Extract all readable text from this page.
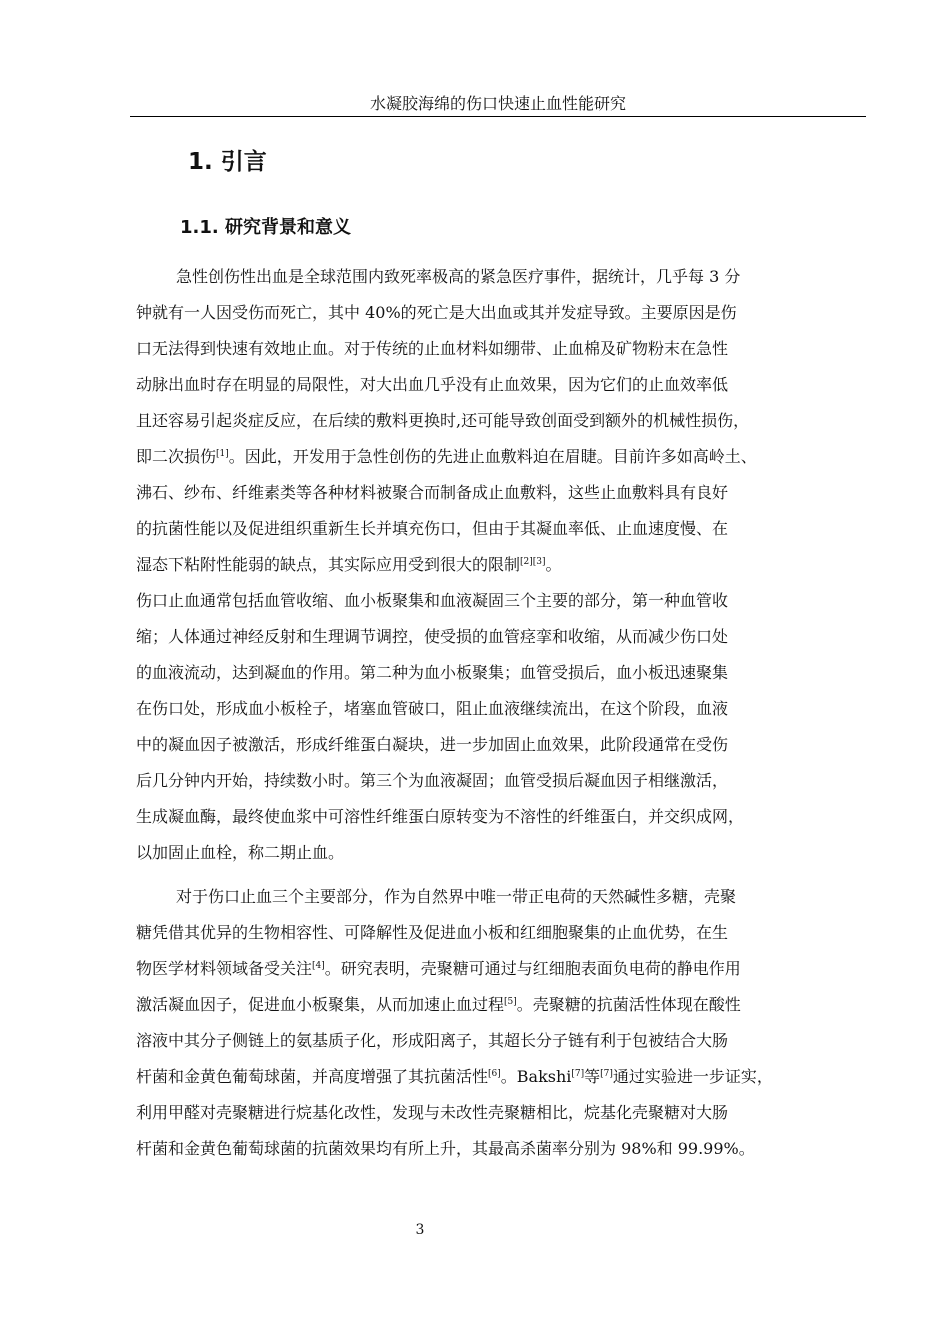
水凝胶海绵的伤口快速止血性能研究
1. 引言
1.1. 研究背景和意义
急性创伤性出血是全球范围内致死率极高的紧急医疗事件，据统计，几乎每 3 分
钟就有一人因受伤而死亡，其中 40%的死亡是大出血或其并发症导致。主要原因是伤
口无法得到快速有效地止血。对于传统的止血材料如绷带、止血棉及矿物粉末在急性
动脉出血时存在明显的局限性，对大出血几乎没有止血效果，因为它们的止血效率低
且还容易引起炎症反应，在后续的敷料更换时,还可能导致创面受到额外的机械性损伤，
即二次损伤[1]。因此，开发用于急性创伤的先进止血敷料迫在眉睫。目前许多如高岭土、
沸石、纱布、纤维素类等各种材料被聚合而制备成止血敷料，这些止血敷料具有良好
的抗菌性能以及促进组织重新生长并填充伤口，但由于其凝血率低、止血速度慢、在
湿态下粘附性能弱的缺点，其实际应用受到很大的限制[2][3]。
伤口止血通常包括血管收缩、血小板聚集和血液凝固三个主要的部分，第一种血管收
缩；人体通过神经反射和生理调节调控，使受损的血管痉挛和收缩，从而减少伤口处
的血液流动，达到凝血的作用。第二种为血小板聚集；血管受损后，血小板迅速聚集
在伤口处，形成血小板栓子，堵塞血管破口，阻止血液继续流出，在这个阶段，血液
中的凝血因子被激活，形成纤维蛋白凝块，进一步加固止血效果，此阶段通常在受伤
后几分钟内开始，持续数小时。第三个为血液凝固；血管受损后凝血因子相继激活，
生成凝血酶，最终使血浆中可溶性纤维蛋白原转变为不溶性的纤维蛋白，并交织成网，
以加固止血栓，称二期止血。
对于伤口止血三个主要部分，作为自然界中唯一带正电荷的天然碱性多糖，壳聚
糖凭借其优异的生物相容性、可降解性及促进血小板和红细胞聚集的止血优势，在生
物医学材料领域备受关注[4]。研究表明，壳聚糖可通过与红细胞表面负电荷的静电作用
激活凝血因子，促进血小板聚集，从而加速止血过程[5]。壳聚糖的抗菌活性体现在酸性
溶液中其分子侧链上的氨基质子化，形成阳离子，其超长分子链有利于包被结合大肠
杆菌和金黄色葡萄球菌，并高度增强了其抗菌活性[6]。Bakshi[7]等[7]通过实验进一步证实，
利用甲醛对壳聚糖进行烷基化改性，发现与未改性壳聚糖相比，烷基化壳聚糖对大肠
杆菌和金黄色葡萄球菌的抗菌效果均有所上升，其最高杀菌率分别为 98%和 99.99%。
3
